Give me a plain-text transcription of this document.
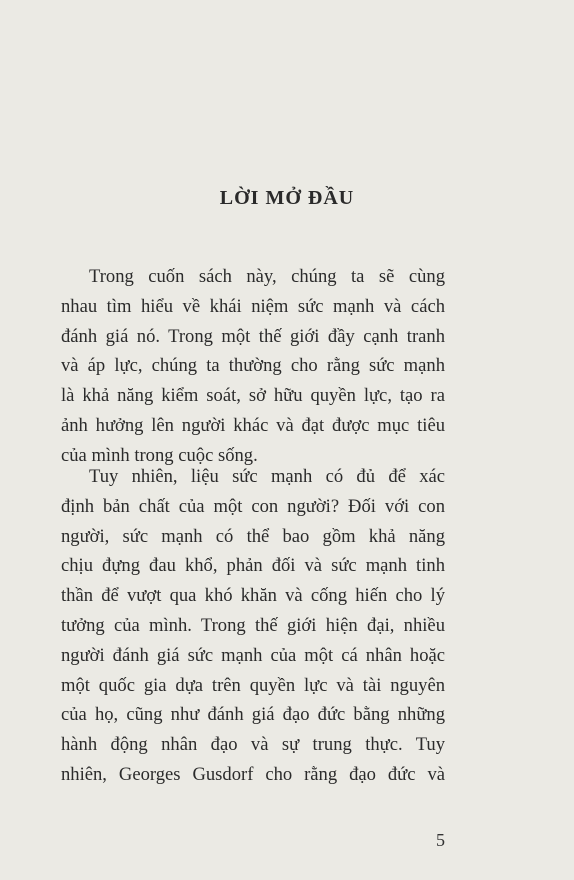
LỜI MỞ ĐẦU

Trong cuốn sách này, chúng ta sẽ cùng
nhau tìm hiểu về khái niệm sức mạnh và cách
đánh giá nó. Trong một thế giới đầy cạnh tranh
và áp lực, chúng ta thường cho rằng sức mạnh
là khả năng kiểm soát, sở hữu quyền lực, tạo ra
ảnh hưởng lên người khác và đạt được mục tiêu
của mình trong cuộc sống.

Tuy nhiên, liệu sức mạnh có đủ để xác
định bản chất của một con người? Đối với con
người, sức mạnh có thể bao gồm khả năng
chịu đựng đau khổ, phản đối và sức mạnh tinh
thần để vượt qua khó khăn và cống hiến cho lý
tưởng của mình. Trong thế giới hiện đại, nhiều
người đánh giá sức mạnh của một cá nhân hoặc
một quốc gia dựa trên quyền lực và tài nguyên
của họ, cũng như đánh giá đạo đức bằng những
hành động nhân đạo và sự trung thực. Tuy
nhiên, Georges Gusdorf cho rằng đạo đức và

5
